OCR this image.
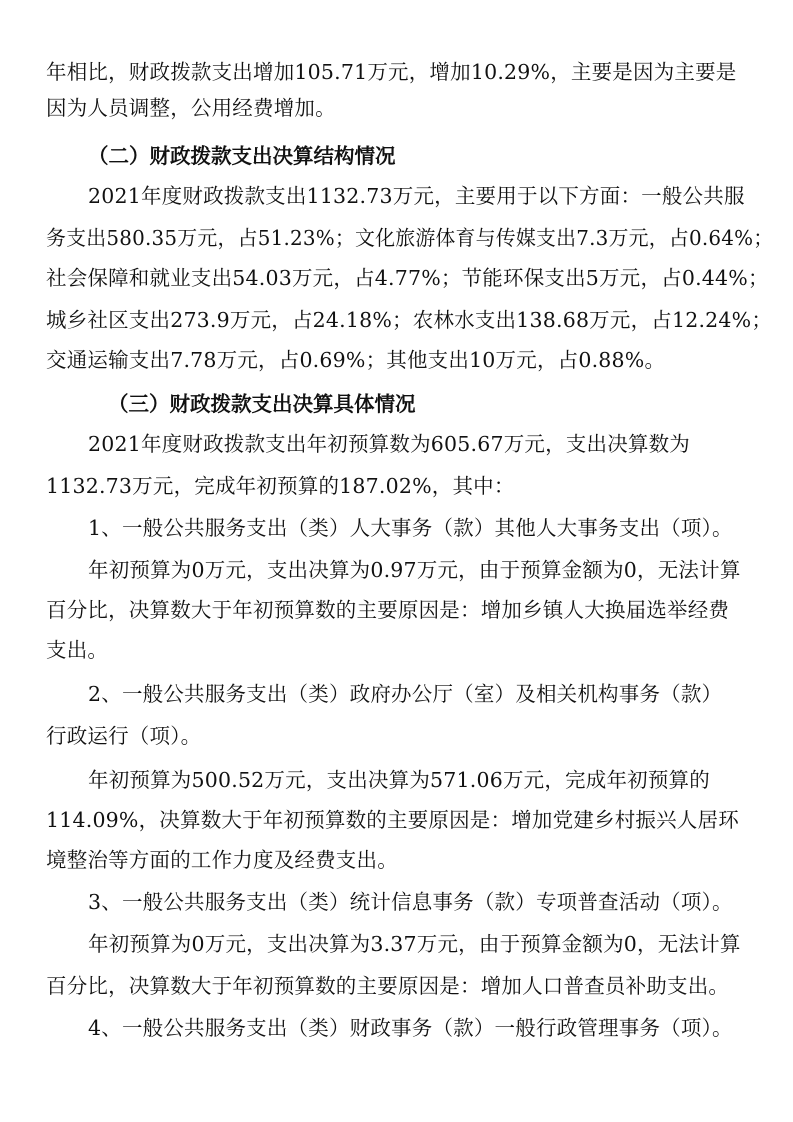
年相比，财政拨款支出增加105.71万元，增加10.29%，主要是因为主要是
因为人员调整，公用经费增加。
（二）财政拨款支出决算结构情况
2021年度财政拨款支出1132.73万元，主要用于以下方面：一般公共服
务支出580.35万元，占51.23%；文化旅游体育与传媒支出7.3万元，占0.64%；
社会保障和就业支出54.03万元，占4.77%；节能环保支出5万元，占0.44%；
城乡社区支出273.9万元，占24.18%；农林水支出138.68万元，占12.24%；
交通运输支出7.78万元，占0.69%；其他支出10万元，占0.88%。
（三）财政拨款支出决算具体情况
2021年度财政拨款支出年初预算数为605.67万元，支出决算数为
1132.73万元，完成年初预算的187.02%，其中：
1、一般公共服务支出（类）人大事务（款）其他人大事务支出（项）。
年初预算为0万元，支出决算为0.97万元，由于预算金额为0，无法计算
百分比，决算数大于年初预算数的主要原因是：增加乡镇人大换届选举经费
支出。
2、一般公共服务支出（类）政府办公厅（室）及相关机构事务（款）
行政运行（项）。
年初预算为500.52万元，支出决算为571.06万元，完成年初预算的
114.09%，决算数大于年初预算数的主要原因是：增加党建乡村振兴人居环
境整治等方面的工作力度及经费支出。
3、一般公共服务支出（类）统计信息事务（款）专项普查活动（项）。
年初预算为0万元，支出决算为3.37万元，由于预算金额为0，无法计算
百分比，决算数大于年初预算数的主要原因是：增加人口普查员补助支出。
4、一般公共服务支出（类）财政事务（款）一般行政管理事务（项）。
